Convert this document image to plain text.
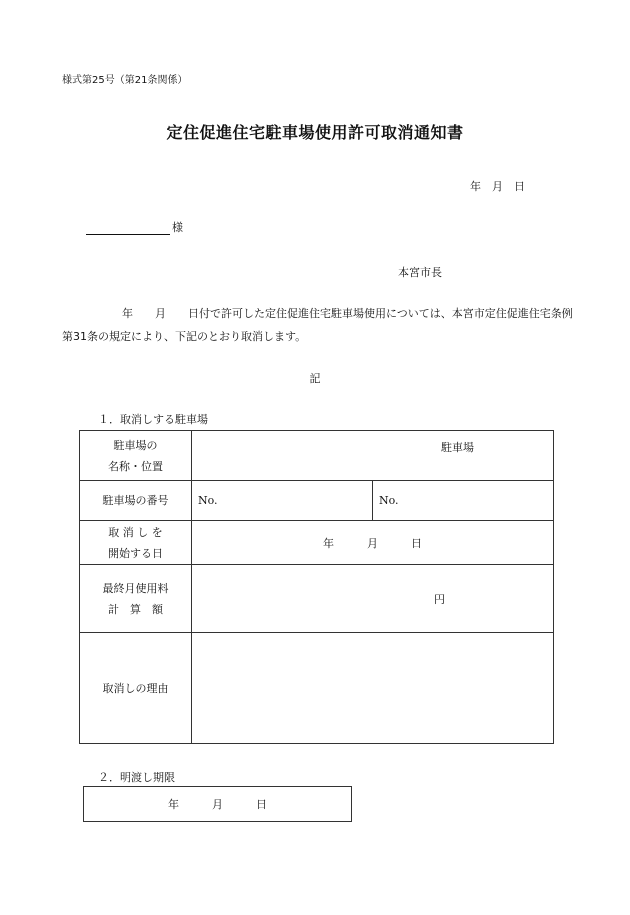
様式第25号（第21条関係）
定住促進住宅駐車場使用許可取消通知書
年　月　日
様
本宮市長
年　　月　　日付で許可した定住促進住宅駐車場使用については、本宮市定住促進住宅条例第31条の規定により、下記のとおり取消します。
記
１．取消しする駐車場
駐車場の
名称・位置	駐車場	
駐車場の番号	No.	No.

取 消 し を
開始する日	年　　　月　　　日	

最終月使用料
計　算　額	円	
取消しの理由		
２．明渡し期限
年　　　月　　　日
